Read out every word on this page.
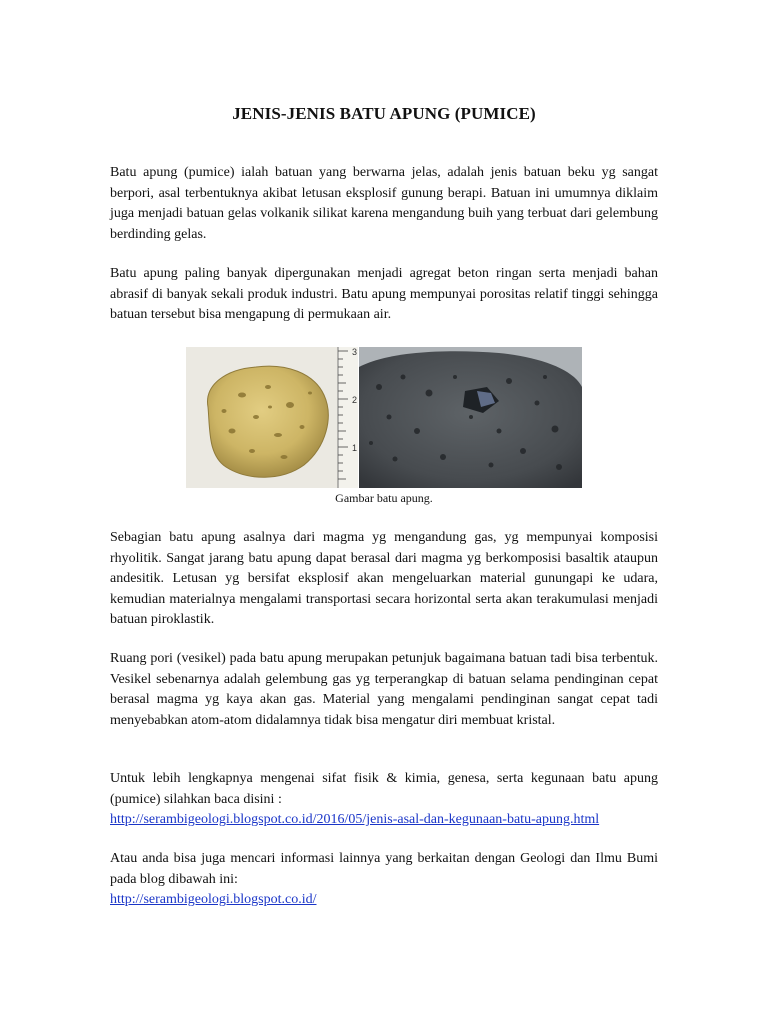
JENIS-JENIS BATU APUNG (PUMICE)

Batu apung (pumice) ialah batuan yang berwarna jelas, adalah jenis batuan beku yg sangat berpori, asal terbentuknya akibat letusan eksplosif gunung berapi. Batuan ini umumnya diklaim juga menjadi batuan gelas volkanik silikat karena mengandung buih yang terbuat dari gelembung berdinding gelas.

Batu apung paling banyak dipergunakan menjadi agregat beton ringan serta menjadi bahan abrasif di banyak sekali produk industri. Batu apung mempunyai porositas relatif tinggi sehingga batuan tersebut bisa mengapung di permukaan air.

3
2
1
Gambar batu apung.

Sebagian batu apung asalnya dari magma yg mengandung gas, yg mempunyai komposisi rhyolitik. Sangat jarang batu apung dapat berasal dari magma yg berkomposisi basaltik ataupun andesitik. Letusan yg bersifat eksplosif akan mengeluarkan material gunungapi ke udara, kemudian materialnya mengalami transportasi secara horizontal serta akan terakumulasi menjadi batuan piroklastik.

Ruang pori (vesikel) pada batu apung merupakan petunjuk bagaimana batuan tadi bisa terbentuk. Vesikel sebenarnya adalah gelembung gas yg terperangkap di batuan selama pendinginan cepat berasal magma yg kaya akan gas. Material yang mengalami pendinginan sangat cepat tadi menyebabkan atom-atom didalamnya tidak bisa mengatur diri membuat kristal.

Untuk lebih lengkapnya mengenai sifat fisik & kimia, genesa, serta kegunaan batu apung (pumice) silahkan baca disini :
http://serambigeologi.blogspot.co.id/2016/05/jenis-asal-dan-kegunaan-batu-apung.html

Atau anda bisa juga mencari informasi lainnya yang berkaitan dengan Geologi dan Ilmu Bumi pada blog dibawah ini:
http://serambigeologi.blogspot.co.id/
